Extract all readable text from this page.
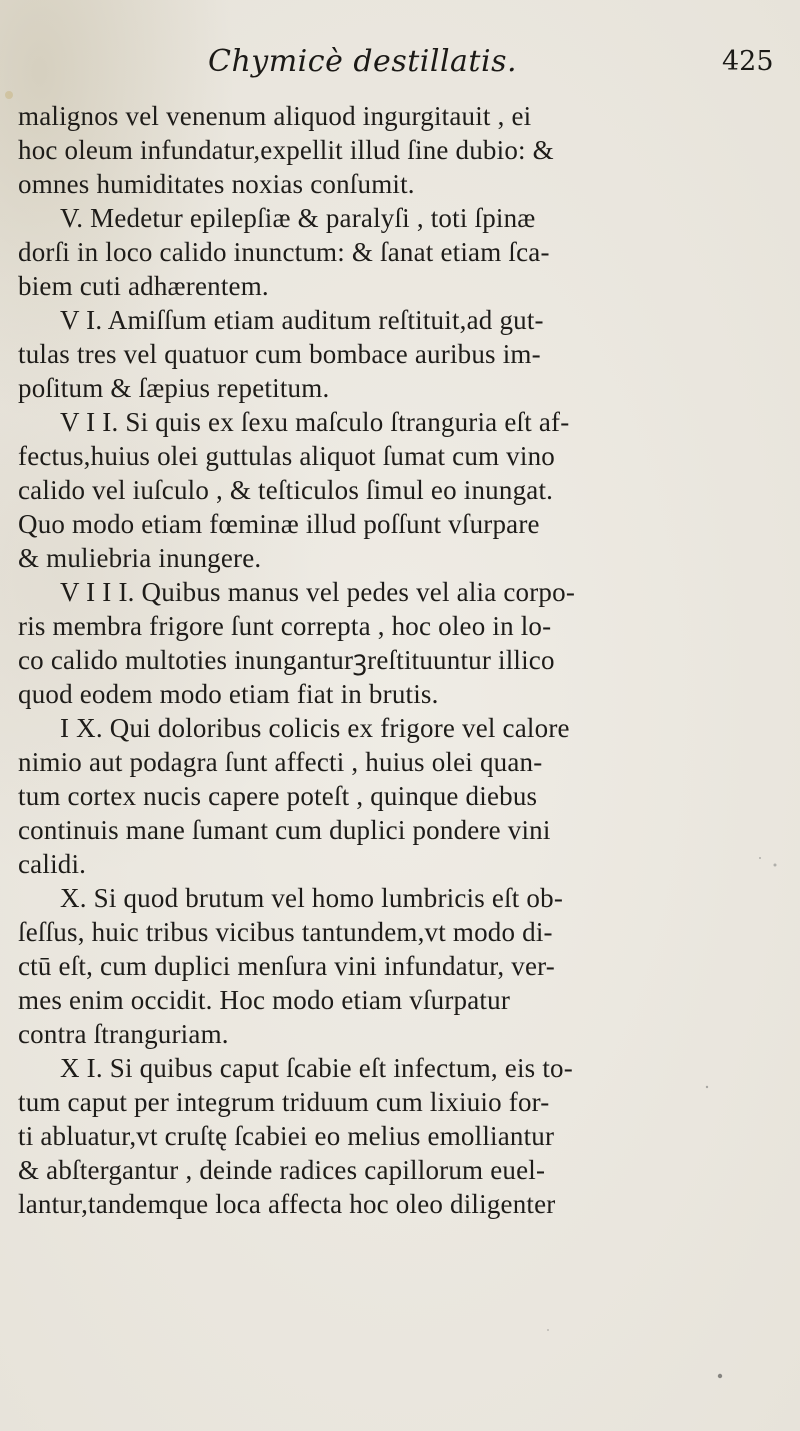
Chymicè destillatis.	425
malignos vel venenum aliquod ingurgitauit , ei
hoc oleum infundatur,expellit illud ſine dubio: &
omnes humiditates noxias conſumit.
V. Medetur epilepſiæ & paralyſi , toti ſpinæ
dorſi in loco calido inunctum: & ſanat etiam ſca-
biem cuti adhærentem.
V I. Amiſſum etiam auditum reſtituit,ad gut-
tulas tres vel quatuor cum bombace auribus im-
poſitum & ſæpius repetitum.
V I I. Si quis ex ſexu maſculo ſtranguria eſt af-
fectus,huius olei guttulas aliquot ſumat cum vino
calido vel iuſculo , & teſticulos ſimul eo inungat.
Quo modo etiam fœminæ illud poſſunt vſurpare
& muliebria inungere.
V I I I. Quibus manus vel pedes vel alia corpo-
ris membra frigore ſunt correpta , hoc oleo in lo-
co calido multoties inunganturꝫreſtituuntur illico
quod eodem modo etiam fiat in brutis.
I X. Qui doloribus colicis ex frigore vel calore
nimio aut podagra ſunt affecti , huius olei quan-
tum cortex nucis capere poteſt , quinque diebus
continuis mane ſumant cum duplici pondere vini
calidi.
X. Si quod brutum vel homo lumbricis eſt ob-
ſeſſus, huic tribus vicibus tantundem,vt modo di-
ctū eſt, cum duplici menſura vini infundatur, ver-
mes enim occidit. Hoc modo etiam vſurpatur
contra ſtranguriam.
X I. Si quibus caput ſcabie eſt infectum, eis to-
tum caput per integrum triduum cum lixiuio for-
ti abluatur,vt cruſtę ſcabiei eo melius emolliantur
& abſtergantur , deinde radices capillorum euel-
lantur,tandemque loca affecta hoc oleo diligenter
